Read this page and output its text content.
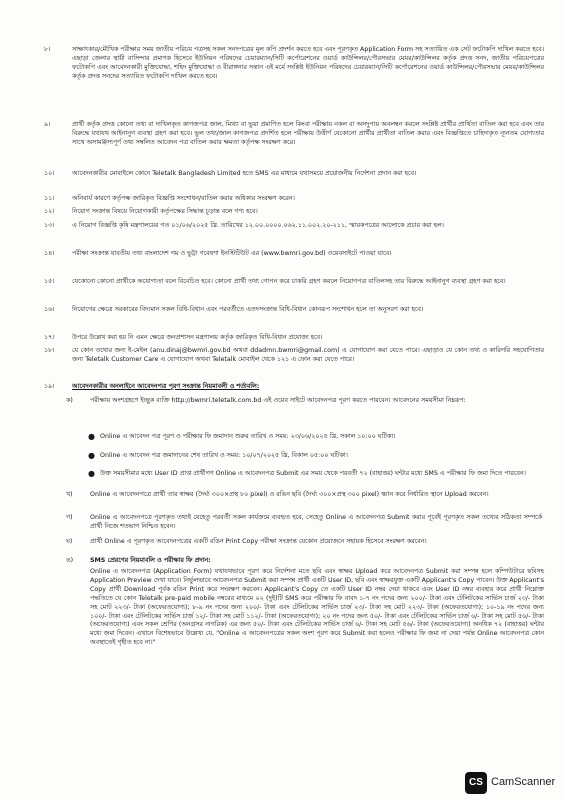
৮।	সাক্ষাৎকার/মৌখিক পরীক্ষার সময় জাতীয় পরিচয় পত্রসহ সকল সনদপত্রের মূল কপি প্রদর্শন করতে হবে এবং পূরণকৃত Application Form সহ সত্যায়িত এক সেট ফটোকপি দাখিল করতে হবে। এছাড়া জেলার স্থায়ী বাসিন্দার প্রমাণক হিসেবে ইউনিয়ন পরিষদের চেয়ারম্যান/সিটি কর্পোরেশনের ওয়ার্ড কাউন্সিলর/পৌরসভার মেয়র/কাউন্সিলর কর্তৃক প্রদত্ত সনদ, জাতীয় পরিচয়পত্রের ফটোকপি এবং আবেদনকারী মুক্তিযোদ্ধা, শহিদ মুক্তিযোদ্ধা ও বীরাঙ্গনার সন্তান এই মর্মে সংশ্লিষ্ট ইউনিয়ন পরিষদের চেয়ারম্যান/সিটি কর্পোরেশনের ওয়ার্ড কাউন্সিলর/পৌরসভার মেয়র/কাউন্সিলর কর্তৃক প্রদত্ত সনদের সত্যায়িত ফটোকপি দাখিল করতে হবে।
৯।	প্রার্থী কর্তৃক প্রদত্ত কোনো তথ্য বা দাখিলকৃত কাগজপত্র জাল, মিথ্যা বা ভুয়া প্রমাণিত হলে কিংবা পরীক্ষায় নকল বা অসদুপায় অবলম্বন করলে সংশ্লিষ্ট প্রার্থীর প্রার্থিতা বাতিল করা হবে এবং তার বিরুদ্ধে যথাযথ আইনানুগ ব্যবস্থা গ্রহণ করা হবে। ভুল তথ্য/জাল কাগজপত্র প্রদর্শিত হলে পরীক্ষায় উত্তীর্ণ যেকোনো প্রার্থীর প্রার্থীতা বাতিল করার এবং বিজ্ঞপ্তিতে চাহিদাকৃত ন্যূনতম যোগ্যতার সাথে অসামঞ্জস্যপূর্ণ তথ্য সম্বলিত আবেদন পত্র বাতিল করার ক্ষমতা কর্তৃপক্ষ সংরক্ষণ করে।
১০।	আবেদনকারীর মোবাইলে কোনে Teletalk Bangladesh Limited হতে SMS এর মাধ্যমে যথাসময়ে প্রয়োজনীয় নির্দেশনা প্রদান করা হবে।
১১।	অনিবার্য কারণে কর্তৃপক্ষ জারিকৃত বিজ্ঞপ্তি সংশোধন/বাতিল করার অধিকার সংরক্ষণ করেন।
১২।	নিয়োগ সংক্রান্ত বিষয়ে নিয়োগকারী কর্তৃপক্ষের সিদ্ধান্ত চূড়ান্ত বলে গণ্য হবে।
১৩।	এ নিয়োগ বিজ্ঞপ্তি কৃষি মন্ত্রণালয়ের গত ০১/০৬/২০২৫ খ্রি. তারিখের ১২.০০.০০০০.০৬২.১১.০০২.২০-২১১, স্মারকপত্রের আলোকে প্রচার করা হল।
১৪।	পরীক্ষা সংক্রান্ত যাবতীয় তথ্য বাংলাদেশ গম ও ভুট্টা গবেষণা ইনস্টিটিউট এর (www.bwmri.gov.bd) ওয়েবসাইটে পাওয়া যাবে।
১৫।	যেকোনো কোনো প্রার্থীকে অযোগ্যতা বলে বিবেচিত হবে। কোনো প্রার্থী তথ্য গোপন করে চাকরি গ্রহণ করলে নিয়োগপত্র বাতিলসহ তার বিরুদ্ধে আইনানুগ ব্যবস্থা গ্রহণ করা হবে।
১৬।	নিয়োগের ক্ষেত্রে সরকারের বিদ্যমান সকল বিধি-বিধান এবং পরবর্তীতে এতদসংক্রান্ত বিধি-বিধান কোনরূপ সংশোধন হলে তা অনুসরণ করা হবে।
১৭।	উপরে উল্লেখ করা হয় নি এমন ক্ষেত্রে জনপ্রশাসন মন্ত্রণালয় কর্তৃক জারিকৃত বিধি-বিধান প্রযোজ্য হবে।
১৮।	যে কোন তথ্যের জন্য ই-মেইল (anu.dinaj@bwmri.gov.bd অথবা ddadmn.bwmri@gmail.com) এ যোগাযোগ করা যেতে পারে। এছাড়াও যে কোন তথ্য ও কারিগরি সহযোগিতার জন্য Teletalk Customer Care এ যোগাযোগ অথবা Teletalk মোবাইল থেকে ১২১ এ ফোন করা যেতে পারে।
১৯।	আবেদনকারীর অনলাইনে আবেদনপত্র পূরণ সংক্রান্ত নিয়মাবলী ও শর্তাবলি:
ক)	পরীক্ষায় অংশগ্রহণে ইচ্ছুক ব্যক্তি http://bwmri.teletalk.com.bd এই ওয়েব সাইটে আবেদনপত্র পূরণ করতে পারবেন। আবেদনের সময়সীমা নিম্নরূপ:
● Online এ আবেদন পত্র পূরণ ও পরীক্ষার ফি জমাদান শুরুর তারিখ ও সময়: ২৩/০৬/২০২৫ খ্রি, সকাল ১০:০০ ঘটিকা।
● Online এ আবেদন পত্র জমাদানের শেষ তারিখ ও সময়: ১০/০৭/২০২৫ খ্রি, বিকাল ০৫:০০ ঘটিকা।
● উক্ত সময়সীমার মধ্যে User ID প্রাপ্ত প্রার্থীগণ Online এ আবেদনপত্র Submit এর সময় থেকে পরবর্তী ৭২ (বাহাত্তর) ঘন্টার মধ্যে SMS এ পরীক্ষার ফি জমা দিতে পারবেন।
খ)	Online এ আবেদনপত্রে প্রার্থী তার স্বাক্ষর (দৈর্ঘ্য ৩০০×প্রস্থ ৮০ pixel) ও রঙিন ছবি (দৈর্ঘ্য ৩০০×প্রস্থ ৩০০ pixel) স্ক্যান করে নির্ধারিত স্থানে Upload করবেন।
গ)	Online এ আবেদনপত্রে পূরণকৃত তথ্যই যেহেতু পরবর্তী সকল কার্যক্রমে ব্যবহৃত হবে, সেহেতু Online এ আবেদনপত্র Submit করার পূর্বেই পূরণকৃত সকল তথ্যের সঠিকতা সম্পর্কে প্রার্থী নিজে শতভাগ নিশ্চিত হবেন।
ঘ)	প্রার্থী Online এ পূরণকৃত আবেদনপত্রের একটি রঙিন Print Copy পরীক্ষা সংক্রান্ত যেকোন প্রয়োজনে সহায়ক হিসেবে সংরক্ষণ করবেন।
ঙ)	SMS প্রেরণের নিয়মাবলি ও পরীক্ষার ফি প্রদান:
Online এ আবেদনপত্র (Application Form) যথাযথভাবে পূরণ করে নির্দেশনা মতে ছবি এবং স্বাক্ষর Upload করে আবেদনপত্র Submit করা সম্পন্ন হলে কম্পিউটারে ছবিসহ Application Preview দেখা যাবে। নির্ভুলভাবে আবেদনপত্র Submit করা সম্পন্ন প্রার্থী একটি User ID, ছবি এবং স্বাক্ষরযুক্ত একটি Applicant's Copy পাবেন। উক্ত Applicant's Copy প্রার্থী Download পূর্বক রঙিন Print করে সংরক্ষণ করবেন। Applicant's Copy তে একটি User ID নম্বর দেয়া থাকবে এবং User ID নম্বর ব্যবহার করে প্রার্থী নিম্নোক্ত পদ্ধতিতে যে কোন Teletalk pre-paid mobile নম্বরের মাধ্যমে ০২ (দুই)টি SMS করে পরীক্ষার ফি বাবদ ১-৭ নং পদের জন্য ২০০/- টাকা এবং টেলিটকের সার্ভিস চার্জ ২৩/- টাকা সহ মোট ২২৩/- টাকা (অফেরতযোগ্য); ৮-৯ নং পদের জন্য ২০০/- টাকা এবং টেলিটকের সার্ভিস চার্জ ২৩/- টাকা সহ মোট ২২৩/- টাকা (অফেরতযোগ্য); ১০-১৯ নং পদের জন্য ১০০/- টাকা এবং টেলিটকের সার্ভিস চার্জ ১২/- টাকা সহ মোট ১১২/- টাকা (অফেরতযোগ্য); ২০ নং পদের জন্য ৫০/- টাকা এবং টেলিটকের সার্ভিস চার্জ ৬/- টাকা সহ মোট ৫৬/- টাকা (অফেরতযোগ্য) এবং সকল শ্রেণির (অনগ্রসর নাগরিক) এর জন্য ৫০/- টাকা এবং টেলিটকের সার্ভিস চার্জ ৬/- টাকা সহ মোট ৫৬/- টাকা (অফেরতযোগ্য) অনধিক ৭২ (বাহাত্তর) ঘন্টার মধ্যে জমা দিবেন। এখানে বিশেষভাবে উল্লেখ্য যে, "Online এ আবেদনপত্রের সকল অংশ পূরণ করে Submit করা হলেও পরীক্ষার ফি জমা না দেয়া পর্যন্ত Online আবেদনপত্র কোন অবস্থাতেই গৃহীত হবে না।"
CS CamScanner
